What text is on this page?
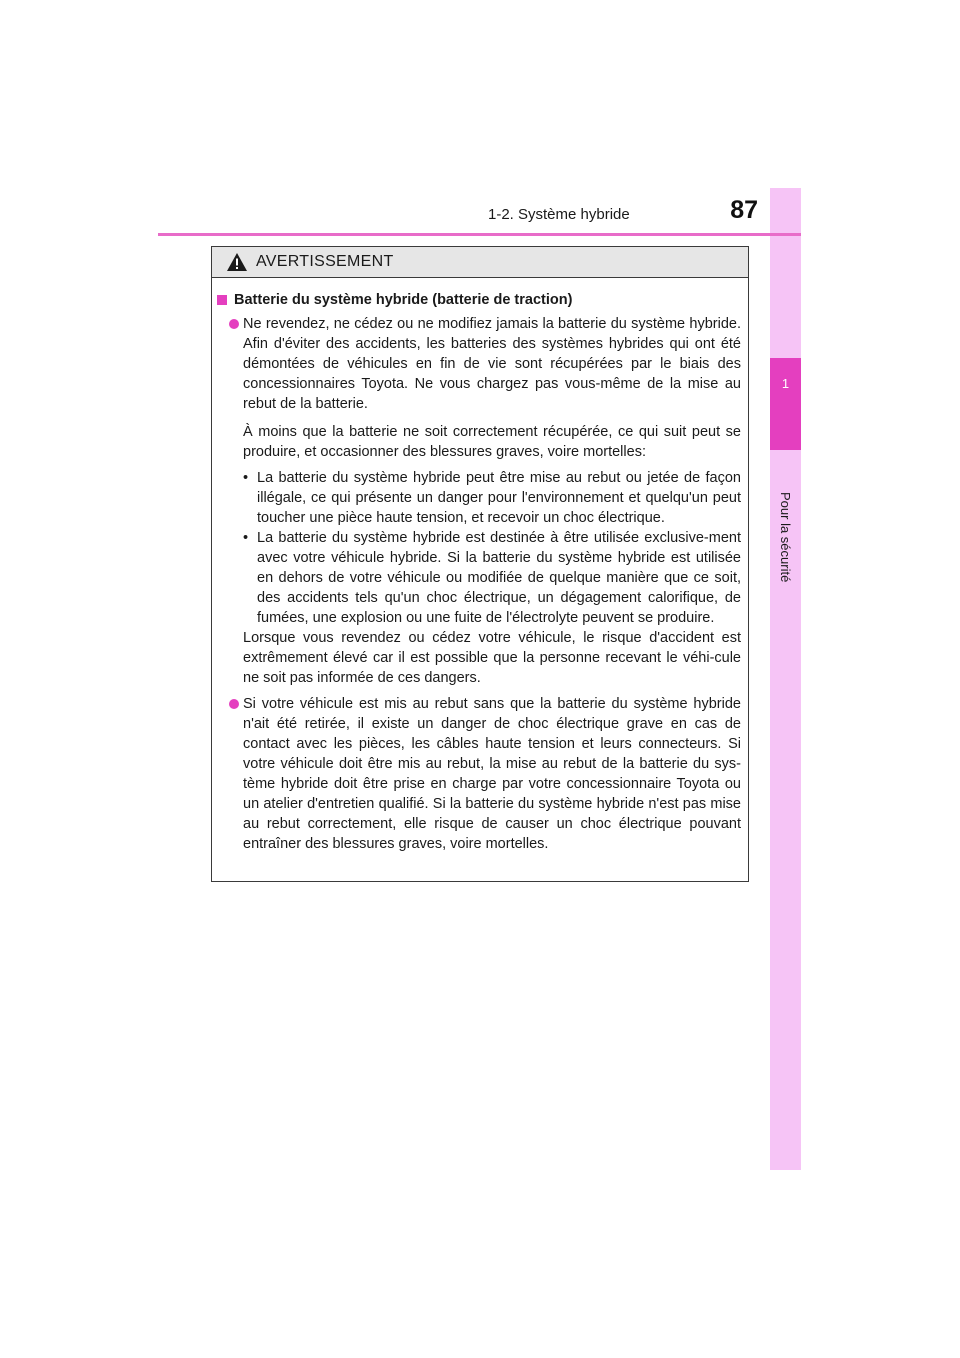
1
Pour la sécurité
1-2. Système hybride	87
AVERTISSEMENT
Batterie du système hybride (batterie de traction)

Ne revendez, ne cédez ou ne modifiez jamais la batterie du système hybride. Afin d'éviter des accidents, les batteries des systèmes hybrides qui ont été démontées de véhicules en fin de vie sont récupérées par le biais des concessionnaires Toyota. Ne vous chargez pas vous-même de la mise au rebut de la batterie.

À moins que la batterie ne soit correctement récupérée, ce qui suit peut se produire, et occasionner des blessures graves, voire mortelles:

• La batterie du système hybride peut être mise au rebut ou jetée de façon illégale, ce qui présente un danger pour l'environnement et quelqu'un peut toucher une pièce haute tension, et recevoir un choc électrique.
• La batterie du système hybride est destinée à être utilisée exclusive-ment avec votre véhicule hybride. Si la batterie du système hybride est utilisée en dehors de votre véhicule ou modifiée de quelque manière que ce soit, des accidents tels qu'un choc électrique, un dégagement calorifique, de fumées, une explosion ou une fuite de l'électrolyte peuvent se produire.

Lorsque vous revendez ou cédez votre véhicule, le risque d'accident est extrêmement élevé car il est possible que la personne recevant le véhi-cule ne soit pas informée de ces dangers.

Si votre véhicule est mis au rebut sans que la batterie du système hybride n'ait été retirée, il existe un danger de choc électrique grave en cas de contact avec les pièces, les câbles haute tension et leurs connecteurs. Si votre véhicule doit être mis au rebut, la mise au rebut de la batterie du sys-tème hybride doit être prise en charge par votre concessionnaire Toyota ou un atelier d'entretien qualifié. Si la batterie du système hybride n'est pas mise au rebut correctement, elle risque de causer un choc électrique pouvant entraîner des blessures graves, voire mortelles.
